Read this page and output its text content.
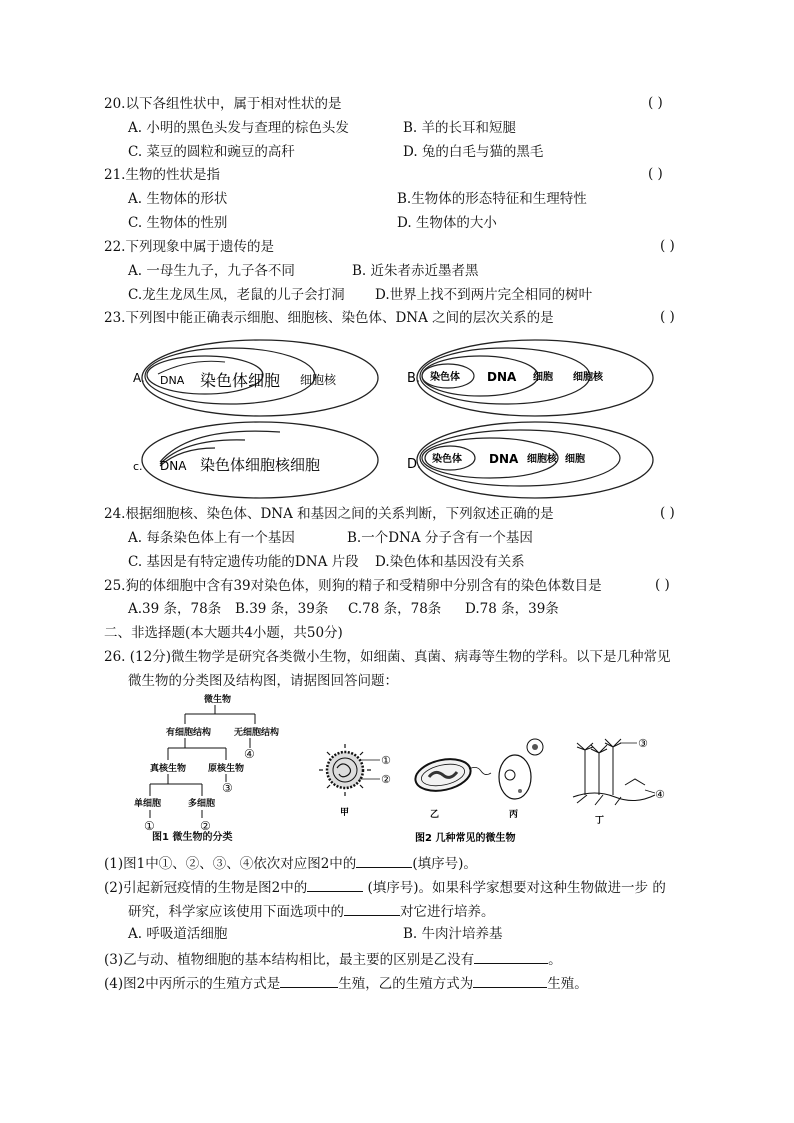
20.以下各组性状中，属于相对性状的是	( )
A. 小明的黑色头发与查理的棕色头发	B. 羊的长耳和短腿
C. 菜豆的圆粒和豌豆的高秆	D. 兔的白毛与猫的黑毛
21.生物的性状是指	( )
A. 生物体的形状	B.生物体的形态特征和生理特性
C. 生物体的性别	D. 生物体的大小
22.下列现象中属于遗传的是	( )
A. 一母生九子，九子各不同	B. 近朱者赤近墨者黑
C.龙生龙凤生凤，老鼠的儿子会打洞 D.世界上找不到两片完全相同的树叶
23.下列图中能正确表示细胞、细胞核、染色体、DNA 之间的层次关系的是	( )
A. DNA 染色体细胞 细胞核	B. 染色体 DNA 细胞 细胞核
c. DNA 染色体细胞核细胞	D. 染色体 DNA 细胞核 细胞
24.根据细胞核、染色体、DNA 和基因之间的关系判断，下列叙述正确的是	( )
A. 每条染色体上有一个基因	B.一个DNA 分子含有一个基因
C. 基因是有特定遗传功能的DNA 片段 D.染色体和基因没有关系
25.狗的体细胞中含有39对染色体，则狗的精子和受精卵中分别含有的染色体数目是	( )
A.39 条，78条 B.39 条，39条 C.78 条，78条 D.78 条，39条
二、非选择题(本大题共4小题，共50分)
26. (12分)微生物学是研究各类微小生物，如细菌、真菌、病毒等生物的学科。以下是几种常见
微生物的分类图及结构图，请据图回答问题：
微生物
有细胞结构	无细胞结构
真核生物 原核生物
单细胞	多细胞
图1 微生物的分类
④
③
①	②
①
②
甲	乙	丙
③
④
丁
图2 几种常见的微生物
(1)图1中①、②、③、④依次对应图2中的	(填序号)。
(2)引起新冠疫情的生物是图2中的	(填序号)。如果科学家想要对这种生物做进一步 的
研究，科学家应该使用下面选项中的	对它进行培养。
A. 呼吸道活细胞	B. 牛肉汁培养基
(3)乙与动、植物细胞的基本结构相比，最主要的区别是乙没有	。
(4)图2中丙所示的生殖方式是	生殖，乙的生殖方式为	生殖。
